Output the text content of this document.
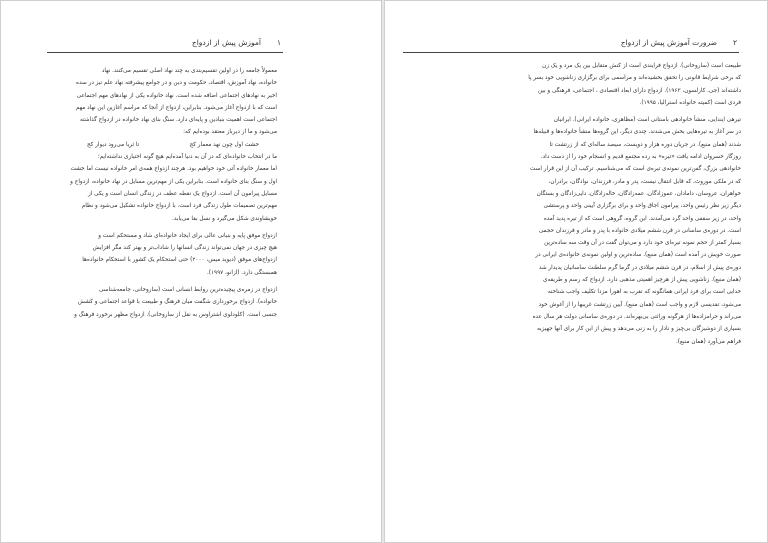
۱
آموزش پیش از ازدواج
معمولاً جامعه را در اولین تقسیم‌بندی به چند نهاد اصلی تقسیم می‌کنند. نهاد
خانواده، نهاد آموزش، اقتصاد، حکومت و دین و در جوامع پیشرفته نهاد علم نیز در سده
اخیر به نهادهای اجتماعی اضافه شده است. نهاد خانواده یکی از نهادهای مهم اجتماعی
است که با ازدواج آغاز می‌شود. بنابراین، ازدواج از آنجا که مراسم آغازین این نهاد مهم
اجتماعی است اهمیت بنیادین و پایه‌ای دارد. سنگ بنای نهاد خانواده در ازدواج گذاشته
می‌شود و ما از دیرباز معتقد بوده‌ایم که:
خشت اول چون نهد معمار کج
تا ثریا می‌رود دیوار کج
ما در انتخاب خانواده‌ای که در آن به دنیا آمده‌ایم هیچ گونه اختیاری نداشته‌ایم؛
اما معمار خانواده آتی خود خواهیم بود. هرچند ازدواج همه‌ی امر خانواده نیست اما خشت
اول و سنگ بنای خانواده است. بنابراین یکی از مهم‌ترین مسایل در نهاد خانواده، ازدواج و
مسایل پیرامون آن است. ازدواج یک نقطه عطف در زندگی انسان است و یکی از
مهم‌ترین تصمیمات طول زندگی فرد است. با ازدواج خانواده تشکیل می‌شود و نظام
خویشاوندی شکل می‌گیرد و نسل بقا می‌یابد.
ازدواج موفق پایه و بنیانی عالی برای ایجاد خانواده‌ای شاد و مستحکم است و
هیچ چیزی در جهان نمی‌تواند زندگی انسانها را شاداب‌تر و بهتر کند مگر افزایش
ازدواج‌های موفق (دیوید میس، ۲۰۰۰) حتی استحکام یک کشور با استحکام خانواده‌ها
همبستگی دارد. (ازانو، ۱۹۹۷).
ازدواج در زمره‌ی پیچیده‌ترین روابط انسانی است (ساروخانی، جامعه‌شناسی
خانواده). ازدواج برخورداری شگفت میان فرهنگ و طبیعت با قواعد اجتماعی و کشش
جنسی است. (کلودلوی اشتراوس به نقل از ساروخانی). ازدواج مظهر برخورد فرهنگ و
۲
ضرورت آموزش پیش از ازدواج
طبیعت است (ساروخانی). ازدواج فرایندی است از کنش متقابل بین یک مرد و یک زن
که برخی شرایط قانونی را تحقق بخشیده‌اند و مراسمی برای برگزاری زناشویی خود بسر پا
داشته‌اند (جی. کارلسون، ۱۹۶۳). ازدواج دارای ابعاد اقتصادی ، اجتماعی، فرهنگی و بین
فردی است (کمیته خانواده استرالیا، ۱۹۹۵).
تیرهی ایندایی، منشأ خانوادهی باستانی است (مظاهری، خانواده ایرانی). ایرانیان
در سر آغاز به تیره‌هایی بخش می‌شدند. چندی دیگر، این گروه‌ها منشأ خانواده‌ها و قبیله‌ها
شدند (همان منبع). در جریان دوره هزار و دویست، سیصد ساله‌ای که از زرتشت تا
روزگار خسروان ادامه یافت «تیره» به رده مجتمع قدیم و انسجام خود را از دست داد.
خانوادهی بزرگ، گفن‌ترین نمونه‌ی تیره‌ی است که می‌شناسیم. ترکیب آن از این قرار است
که در ملکی موروث، که قابل انتقال نیست، پدر و مادر، فرزندان، نوادگان، برادران،
خواهران، عروسان، دامادان، عموزادگان، عمه‌زادگان، خاله‌زادگان، دایی‌زادگان و بستگان
دیگر زیر نظر رئیس واحد، پیرامون اجاق واحد و برای برگزاری آیینی واحد و پرستشی
واحد، در زیر سقفی واحد گرد می‌آمدند. این گروه، گروهی است که از تیره پدید آمده
است. در دوره‌ی ساسانی در قرن ششم میلادی خانواده با پدر و مادر و فرزندان حجمی
بسیار کمتر از حجم نمونه تیره‌ای خود دارد و می‌توان گفت در آن وقت سه ساده‌ترین
صورت خویش در آمده است (همان منبع). ساده‌ترین و اولین نمونه‌ی خانواده‌ی ایرانی در
دوره‌ی پیش از اسلام، در قرن ششم میلادی در گرما گرم سلطنت ساسانیان پدیدار شد
(همان منبع). زناشویی پیش از هرچیز اهمیتی مذهبی دارد. ازدواج که رسم و طریقه‌ی
خدایی است برای فرد ایرانی همانگونه که تقرب به اهورا مزدا تکلیف واجب شناخته
می‌شود، تقدیسی لازم و واجب است (همان منبع). آیین زرتشت غریبها را از آغوش خود
می‌راند و حرامزاده‌ها از هرگونه وراثتی بی‌بهره‌اند. در دوره‌ی ساسانی دولت هر سال عده‌
بسیاری از دوشیزگان بی‌چیز و نادار را به زنی می‌دهد و پیش از این کار برای آنها جهیزیه
فراهم می‌آورد (همان منبع).
